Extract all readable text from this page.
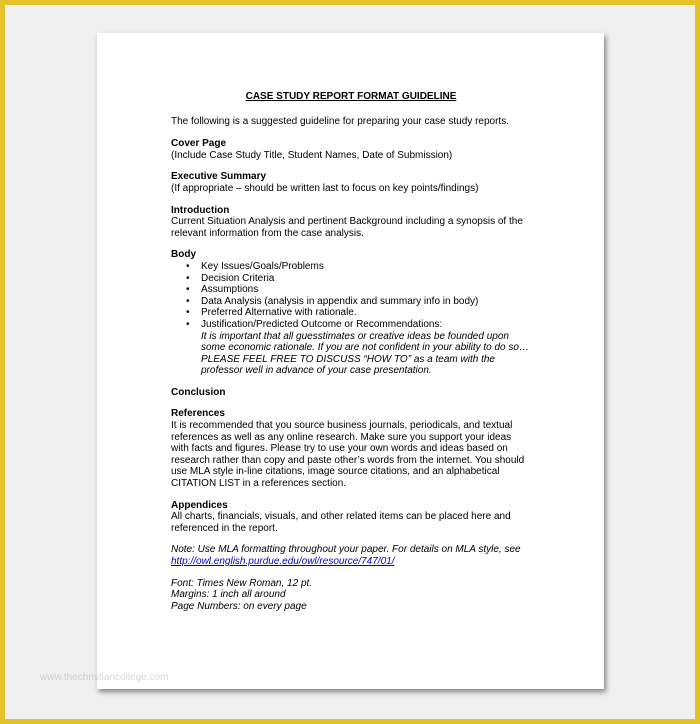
CASE STUDY REPORT FORMAT GUIDELINE

The following is a suggested guideline for preparing your case study reports.

Cover Page

(Include Case Study Title, Student Names, Date of Submission)

Executive Summary

(If appropriate – should be written last to focus on key points/findings)

Introduction

Current Situation Analysis and pertinent Background including a synopsis of the relevant information from the case analysis.

Body

• Key Issues/Goals/Problems
• Decision Criteria
• Assumptions
• Data Analysis (analysis in appendix and summary info in body)
• Preferred Alternative with rationale.
• Justification/Predicted Outcome or Recommendations:
It is important that all guesstimates or creative ideas be founded upon some economic rationale. If you are not confident in your ability to do so…PLEASE FEEL FREE TO DISCUSS “HOW TO” as a team with the professor well in advance of your case presentation.

Conclusion

References

It is recommended that you source business journals, periodicals, and textual references as well as any online research. Make sure you support your ideas with facts and figures. Please try to use your own words and ideas based on research rather than copy and paste other’s words from the internet. You should use MLA style in-line citations, image source citations, and an alphabetical CITATION LIST in a references section.

Appendices

All charts, financials, visuals, and other related items can be placed here and referenced in the report.

Note: Use MLA formatting throughout your paper. For details on MLA style, see
http://owl.english.purdue.edu/owl/resource/747/01/

Font: Times New Roman, 12 pt.
Margins: 1 inch all around
Page Numbers: on every page
www.thechristiancollege.com
